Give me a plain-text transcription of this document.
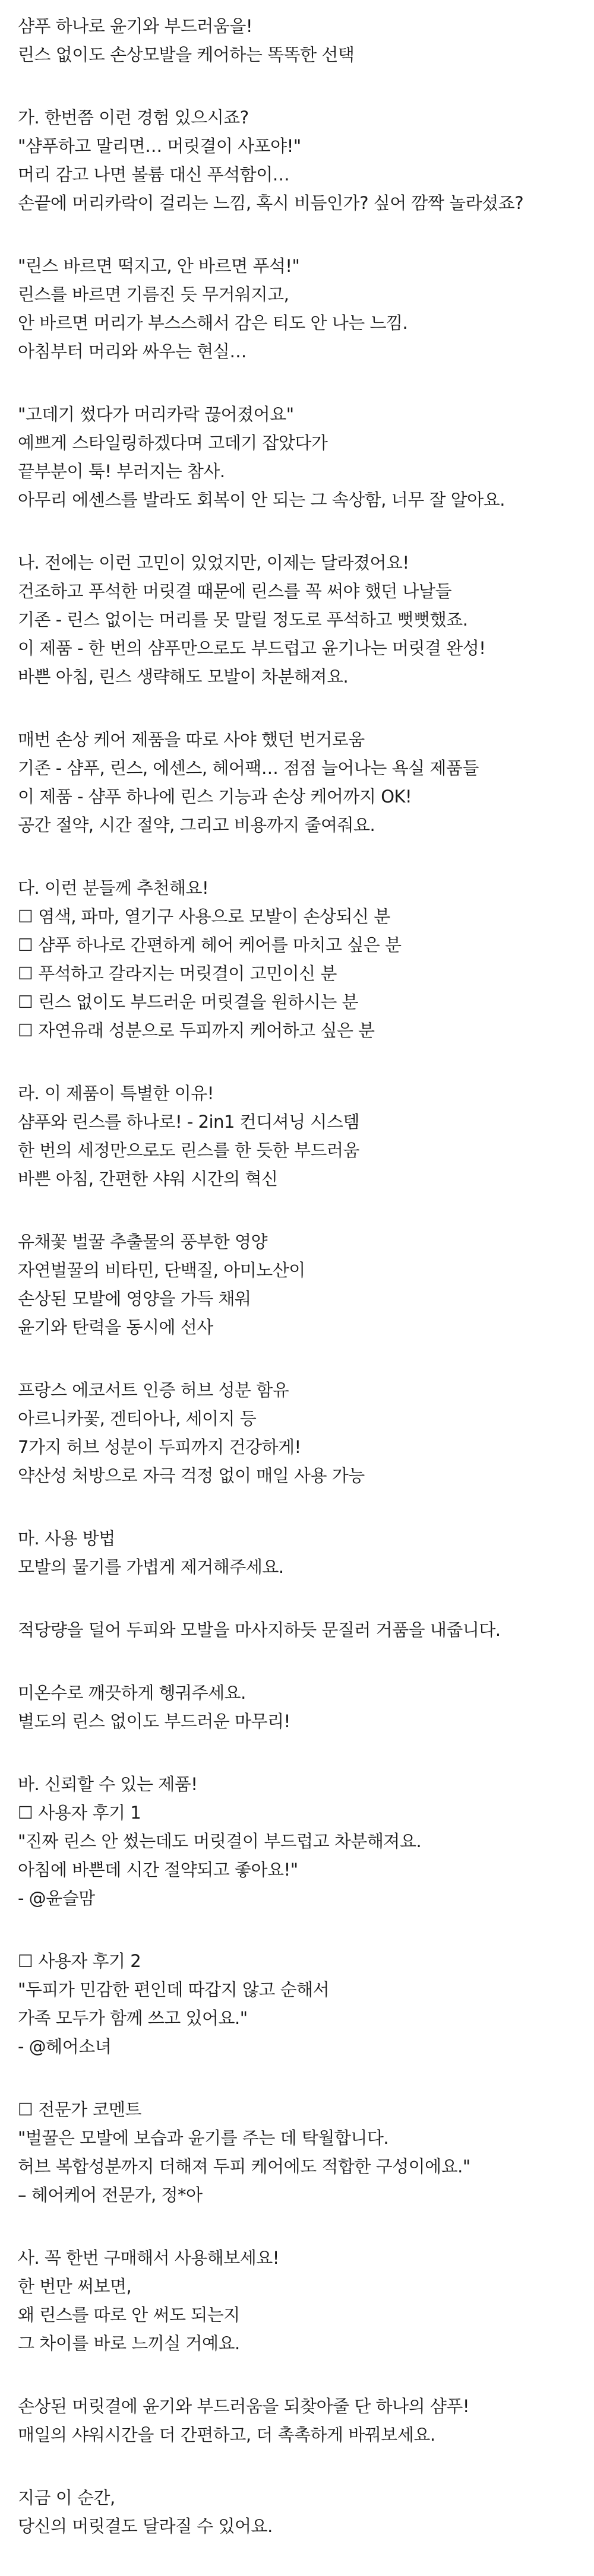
샴푸 하나로 윤기와 부드러움을!
린스 없이도 손상모발을 케어하는 똑똑한 선택
가. 한번쯤 이런 경험 있으시죠?
"샴푸하고 말리면… 머릿결이 사포야!"
머리 감고 나면 볼륨 대신 푸석함이…
손끝에 머리카락이 걸리는 느낌, 혹시 비듬인가? 싶어 깜짝 놀라셨죠?
"린스 바르면 떡지고, 안 바르면 푸석!"
린스를 바르면 기름진 듯 무거워지고,
안 바르면 머리가 부스스해서 감은 티도 안 나는 느낌.
아침부터 머리와 싸우는 현실…
"고데기 썼다가 머리카락 끊어졌어요"
예쁘게 스타일링하겠다며 고데기 잡았다가
끝부분이 툭! 부러지는 참사.
아무리 에센스를 발라도 회복이 안 되는 그 속상함, 너무 잘 알아요.
나. 전에는 이런 고민이 있었지만, 이제는 달라졌어요!
건조하고 푸석한 머릿결 때문에 린스를 꼭 써야 했던 나날들
기존 - 린스 없이는 머리를 못 말릴 정도로 푸석하고 뻣뻣했죠.
이 제품 - 한 번의 샴푸만으로도 부드럽고 윤기나는 머릿결 완성!
바쁜 아침, 린스 생략해도 모발이 차분해져요.
매번 손상 케어 제품을 따로 사야 했던 번거로움
기존 - 샴푸, 린스, 에센스, 헤어팩… 점점 늘어나는 욕실 제품들
이 제품 - 샴푸 하나에 린스 기능과 손상 케어까지 OK!
공간 절약, 시간 절약, 그리고 비용까지 줄여줘요.
다. 이런 분들께 추천해요!
☐ 염색, 파마, 열기구 사용으로 모발이 손상되신 분
☐ 샴푸 하나로 간편하게 헤어 케어를 마치고 싶은 분
☐ 푸석하고 갈라지는 머릿결이 고민이신 분
☐ 린스 없이도 부드러운 머릿결을 원하시는 분
☐ 자연유래 성분으로 두피까지 케어하고 싶은 분
라. 이 제품이 특별한 이유!
샴푸와 린스를 하나로! - 2in1 컨디셔닝 시스템
한 번의 세정만으로도 린스를 한 듯한 부드러움
바쁜 아침, 간편한 샤워 시간의 혁신
유채꽃 벌꿀 추출물의 풍부한 영양
자연벌꿀의 비타민, 단백질, 아미노산이
손상된 모발에 영양을 가득 채워
윤기와 탄력을 동시에 선사
프랑스 에코서트 인증 허브 성분 함유
아르니카꽃, 겐티아나, 세이지 등
7가지 허브 성분이 두피까지 건강하게!
약산성 처방으로 자극 걱정 없이 매일 사용 가능
마. 사용 방법
모발의 물기를 가볍게 제거해주세요.
적당량을 덜어 두피와 모발을 마사지하듯 문질러 거품을 내줍니다.
미온수로 깨끗하게 헹궈주세요.
별도의 린스 없이도 부드러운 마무리!
바. 신뢰할 수 있는 제품!
☐ 사용자 후기 1
"진짜 린스 안 썼는데도 머릿결이 부드럽고 차분해져요.
아침에 바쁜데 시간 절약되고 좋아요!"
- @윤슬맘
☐ 사용자 후기 2
"두피가 민감한 편인데 따갑지 않고 순해서
가족 모두가 함께 쓰고 있어요."
- @헤어소녀
☐ 전문가 코멘트
"벌꿀은 모발에 보습과 윤기를 주는 데 탁월합니다.
허브 복합성분까지 더해져 두피 케어에도 적합한 구성이에요."
– 헤어케어 전문가, 정*아
사. 꼭 한번 구매해서 사용해보세요!
한 번만 써보면,
왜 린스를 따로 안 써도 되는지
그 차이를 바로 느끼실 거예요.
손상된 머릿결에 윤기와 부드러움을 되찾아줄 단 하나의 샴푸!
매일의 샤워시간을 더 간편하고, 더 촉촉하게 바꿔보세요.
지금 이 순간,
당신의 머릿결도 달라질 수 있어요.
